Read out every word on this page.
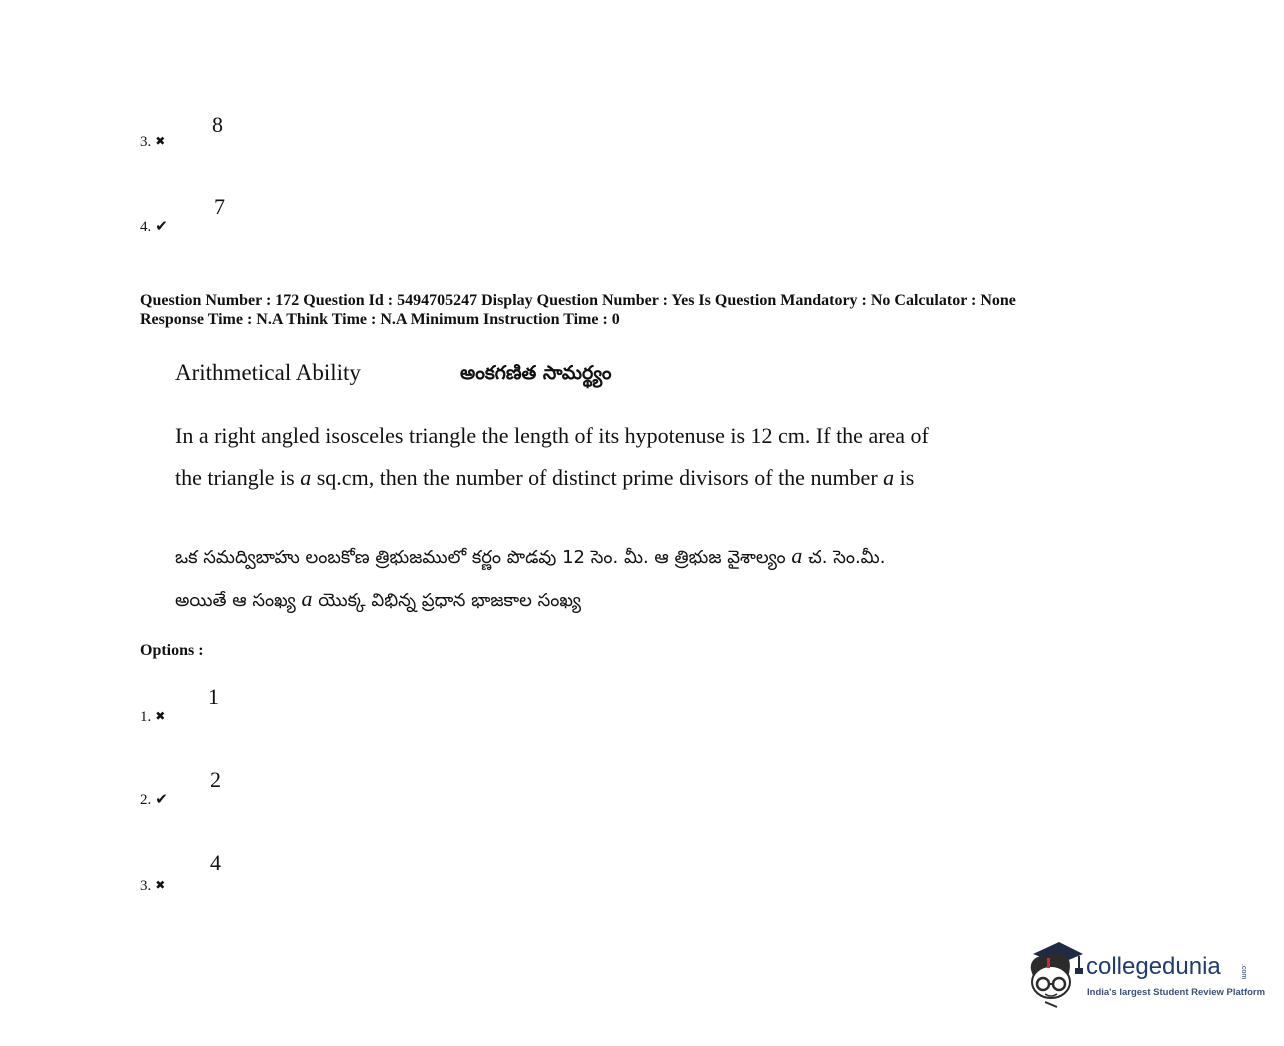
8
3. ✖
7
4. ✔
Question Number : 172 Question Id : 5494705247 Display Question Number : Yes Is Question Mandatory : No Calculator : None
Response Time : N.A Think Time : N.A Minimum Instruction Time : 0
Arithmetical Ability	అంకగణిత సామర్థ్యం
In a right angled isosceles triangle the length of its hypotenuse is 12 cm. If the area of
the triangle is a sq.cm, then the number of distinct prime divisors of the number a is
ఒక సమద్విబాహు లంబకోణ త్రిభుజములో కర్ణం పొడవు 12 సెం. మీ. ఆ త్రిభుజ వైశాల్యం a చ. సెం.మీ.
అయితే ఆ సంఖ్య a యొక్క విభిన్న ప్రధాన భాజకాల సంఖ్య
Options :
1
1. ✖
2
2. ✔
4
3. ✖
collegedunia	.com
India's largest Student Review Platform
